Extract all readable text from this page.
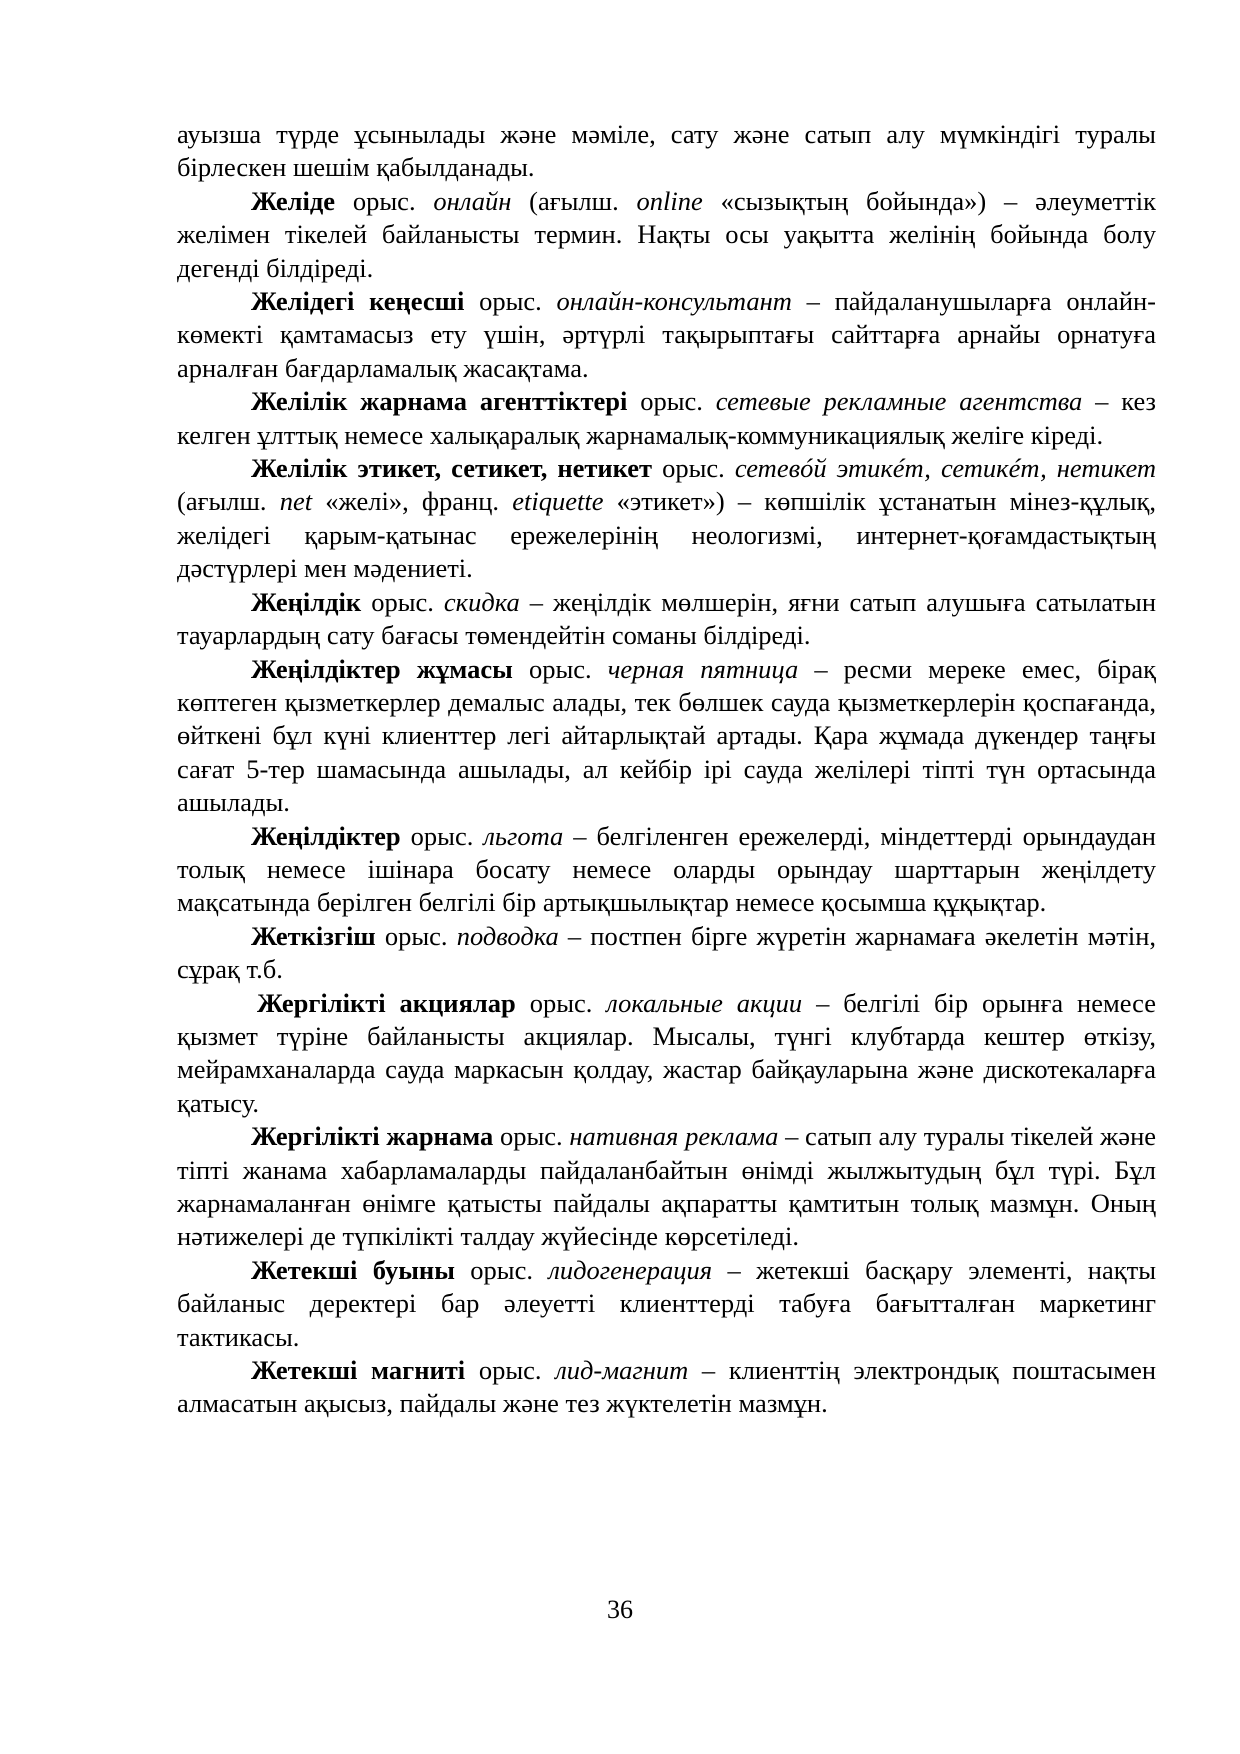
ауызша түрде ұсынылады және мәміле, сату және сатып алу мүмкіндігі туралы бірлескен шешім қабылданады.

Желіде орыс. онлайн (ағылш. online «сызықтың бойында») – әлеуметтік желімен тікелей байланысты термин. Нақты осы уақытта желінің бойында болу дегенді білдіреді.

Желідегі кеңесші орыс. онлайн-консультант – пайдаланушыларға онлайн-көмекті қамтамасыз ету үшін, әртүрлі тақырыптағы сайттарға арнайы орнатуға арналған бағдарламалық жасақтама.

Желілік жарнама агенттіктері орыс. сетевые рекламные агентства – кез келген ұлттық немесе халықаралық жарнамалық-коммуникациялық желіге кіреді.

Желілік этикет, сетикет, нетикет орыс. сетевóй этикéт, сетикéт, нетикет (ағылш. net «желі», франц. etiquette «этикет») – көпшілік ұстанатын мінез-құлық, желідегі қарым-қатынас ережелерінің неологизмі, интернет-қоғамдастықтың дәстүрлері мен мәдениеті.

Жеңілдік орыс. скидка – жеңілдік мөлшерін, яғни сатып алушыға сатылатын тауарлардың сату бағасы төмендейтін соманы білдіреді.

Жеңілдіктер жұмасы орыс. черная пятница – ресми мереке емес, бірақ көптеген қызметкерлер демалыс алады, тек бөлшек сауда қызметкерлерін қоспағанда, өйткені бұл күні клиенттер легі айтарлықтай артады. Қара жұмада дүкендер таңғы сағат 5-тер шамасында ашылады, ал кейбір ірі сауда желілері тіпті түн ортасында ашылады.

Жеңілдіктер орыс. льгота – белгіленген ережелерді, міндеттерді орындаудан толық немесе ішінара босату немесе оларды орындау шарттарын жеңілдету мақсатында берілген белгілі бір артықшылықтар немесе қосымша құқықтар.

Жеткізгіш орыс. подводка – постпен бірге жүретін жарнамаға әкелетін мәтін, сұрақ т.б.

Жергілікті акциялар орыс. локальные акции – белгілі бір орынға немесе қызмет түріне байланысты акциялар. Мысалы, түнгі клубтарда кештер өткізу, мейрамханаларда сауда маркасын қолдау, жастар байқауларына және дискотекаларға қатысу.

Жергілікті жарнама орыс. нативная реклама – сатып алу туралы тікелей және тіпті жанама хабарламаларды пайдаланбайтын өнімді жылжытудың бұл түрі. Бұл жарнамаланған өнімге қатысты пайдалы ақпаратты қамтитын толық мазмұн. Оның нәтижелері де түпкілікті талдау жүйесінде көрсетіледі.

Жетекші буыны орыс. лидогенерация – жетекші басқару элементі, нақты байланыс деректері бар әлеуетті клиенттерді табуға бағытталған маркетинг тактикасы.

Жетекші магниті орыс. лид-магнит – клиенттің электрондық поштасымен алмасатын ақысыз, пайдалы және тез жүктелетін мазмұн.

36
